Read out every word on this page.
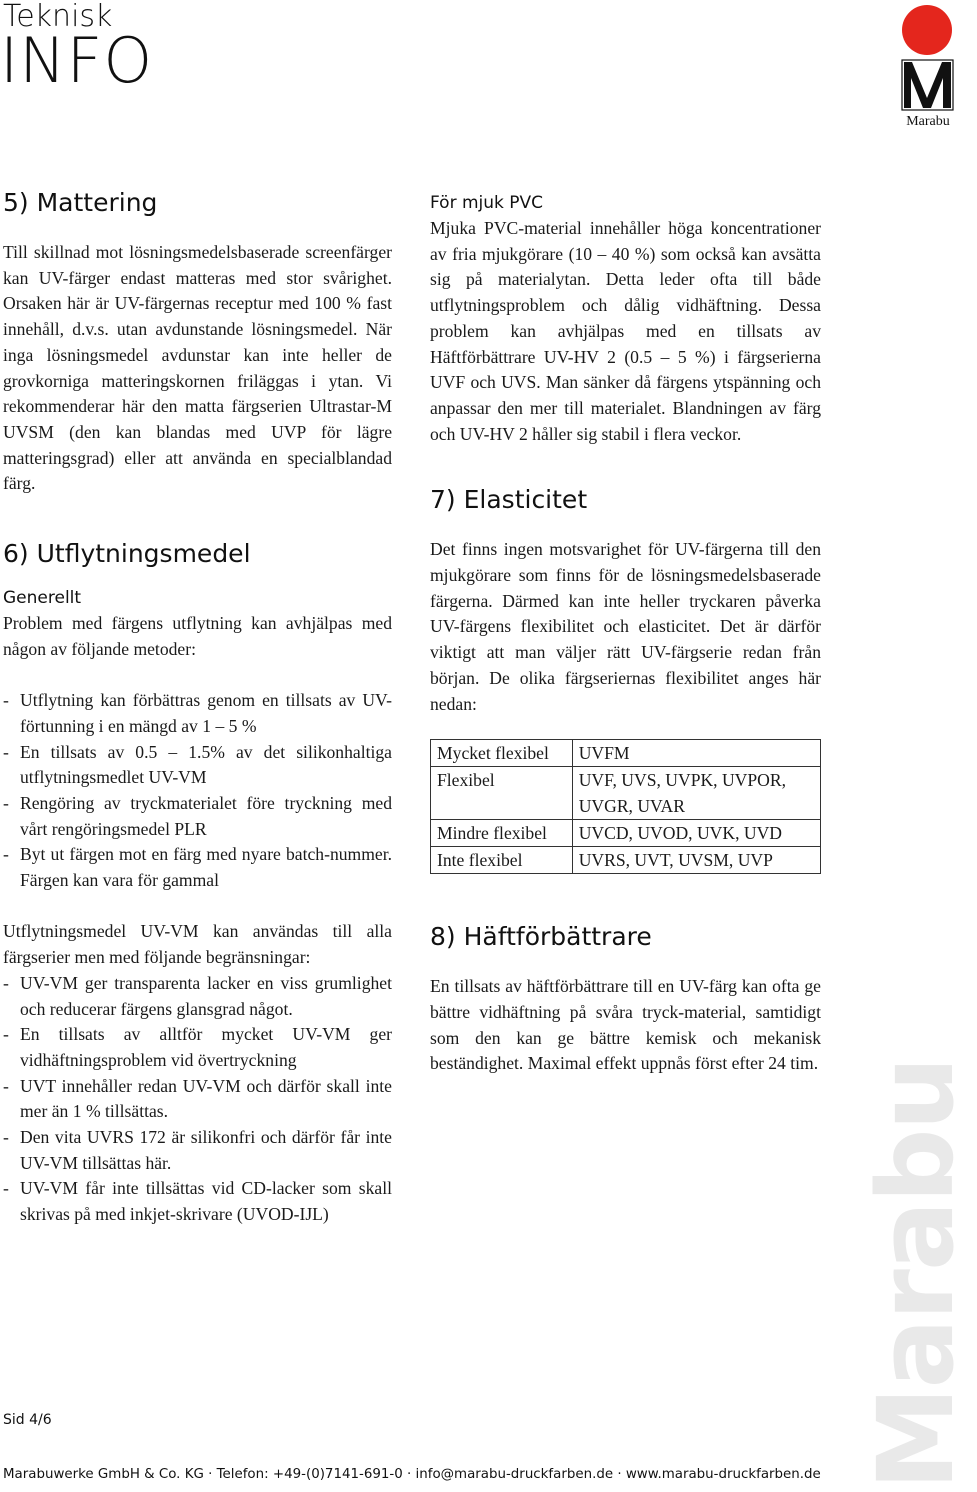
Teknisk
INFO
Marabu
5) Mattering

Till skillnad mot lösningsmedelsbaserade screenfärger kan UV-färger endast matteras med stor svårighet. Orsaken här är UV-färgernas receptur med 100 % fast innehåll, d.v.s. utan avdunstande lösningsmedel. När inga lösningsmedel avdunstar kan inte heller de grovkorniga matteringskornen friläggas i ytan. Vi rekommenderar här den matta färgserien Ultrastar-M UVSM (den kan blandas med UVP för lägre matteringsgrad) eller att använda en specialblandad färg.

6) Utflytningsmedel
Generellt

Problem med färgens utflytning kan avhjälpas med någon av följande metoder:

- Utflytning kan förbättras genom en tillsats av UV-förtunning i en mängd av 1 – 5 %
- En tillsats av 0.5 – 1.5% av det silikonhaltiga utflytningsmedlet UV-VM
- Rengöring av tryckmaterialet före tryckning med vårt rengöringsmedel PLR
- Byt ut färgen mot en färg med nyare batch-nummer. Färgen kan vara för gammal

Utflytningsmedel UV-VM kan användas till alla färgserier men med följande begränsningar:

- UV-VM ger transparenta lacker en viss grumlighet och reducerar färgens glansgrad något.
- En tillsats av alltför mycket UV-VM ger vidhäftningsproblem vid övertryckning
- UVT innehåller redan UV-VM och därför skall inte mer än 1 % tillsättas.
- Den vita UVRS 172 är silikonfri och därför får inte UV-VM tillsättas här.
- UV-VM får inte tillsättas vid CD-lacker som skall skrivas på med inkjet-skrivare (UVOD-IJL)
För mjuk PVC

Mjuka PVC-material innehåller höga koncentrationer av fria mjukgörare (10 – 40 %) som också kan avsätta sig på materialytan. Detta leder ofta till både utflytningsproblem och dålig vidhäftning. Dessa problem kan avhjälpas med en tillsats av Häftförbättrare UV-HV 2 (0.5 – 5 %) i färgserierna UVF och UVS. Man sänker då färgens ytspänning och anpassar den mer till materialet. Blandningen av färg och UV-HV 2 håller sig stabil i flera veckor.

7) Elasticitet

Det finns ingen motsvarighet för UV-färgerna till den mjukgörare som finns för de lösningsmedelsbaserade färgerna. Därmed kan inte heller tryckaren påverka UV-färgens flexibilitet och elasticitet. Det är därför viktigt att man väljer rätt UV-färgserie redan från början. De olika färgseriernas flexibilitet anges här nedan:

Mycket flexibel	UVFM
Flexibel	UVF, UVS, UVPK, UVPOR, UVGR, UVAR
Mindre flexibel	UVCD, UVOD, UVK, UVD
Inte flexibel	UVRS, UVT, UVSM, UVP
8) Häftförbättrare

En tillsats av häftförbättrare till en UV-färg kan ofta ge bättre vidhäftning på svåra tryck-material, samtidigt som den kan ge bättre kemisk och mekanisk beständighet. Maximal effekt uppnås först efter 24 tim. Marabu
Sid 4/6
Marabuwerke GmbH & Co. KG · Telefon: +49-(0)7141-691-0 · info@marabu-druckfarben.de · www.marabu-druckfarben.de
